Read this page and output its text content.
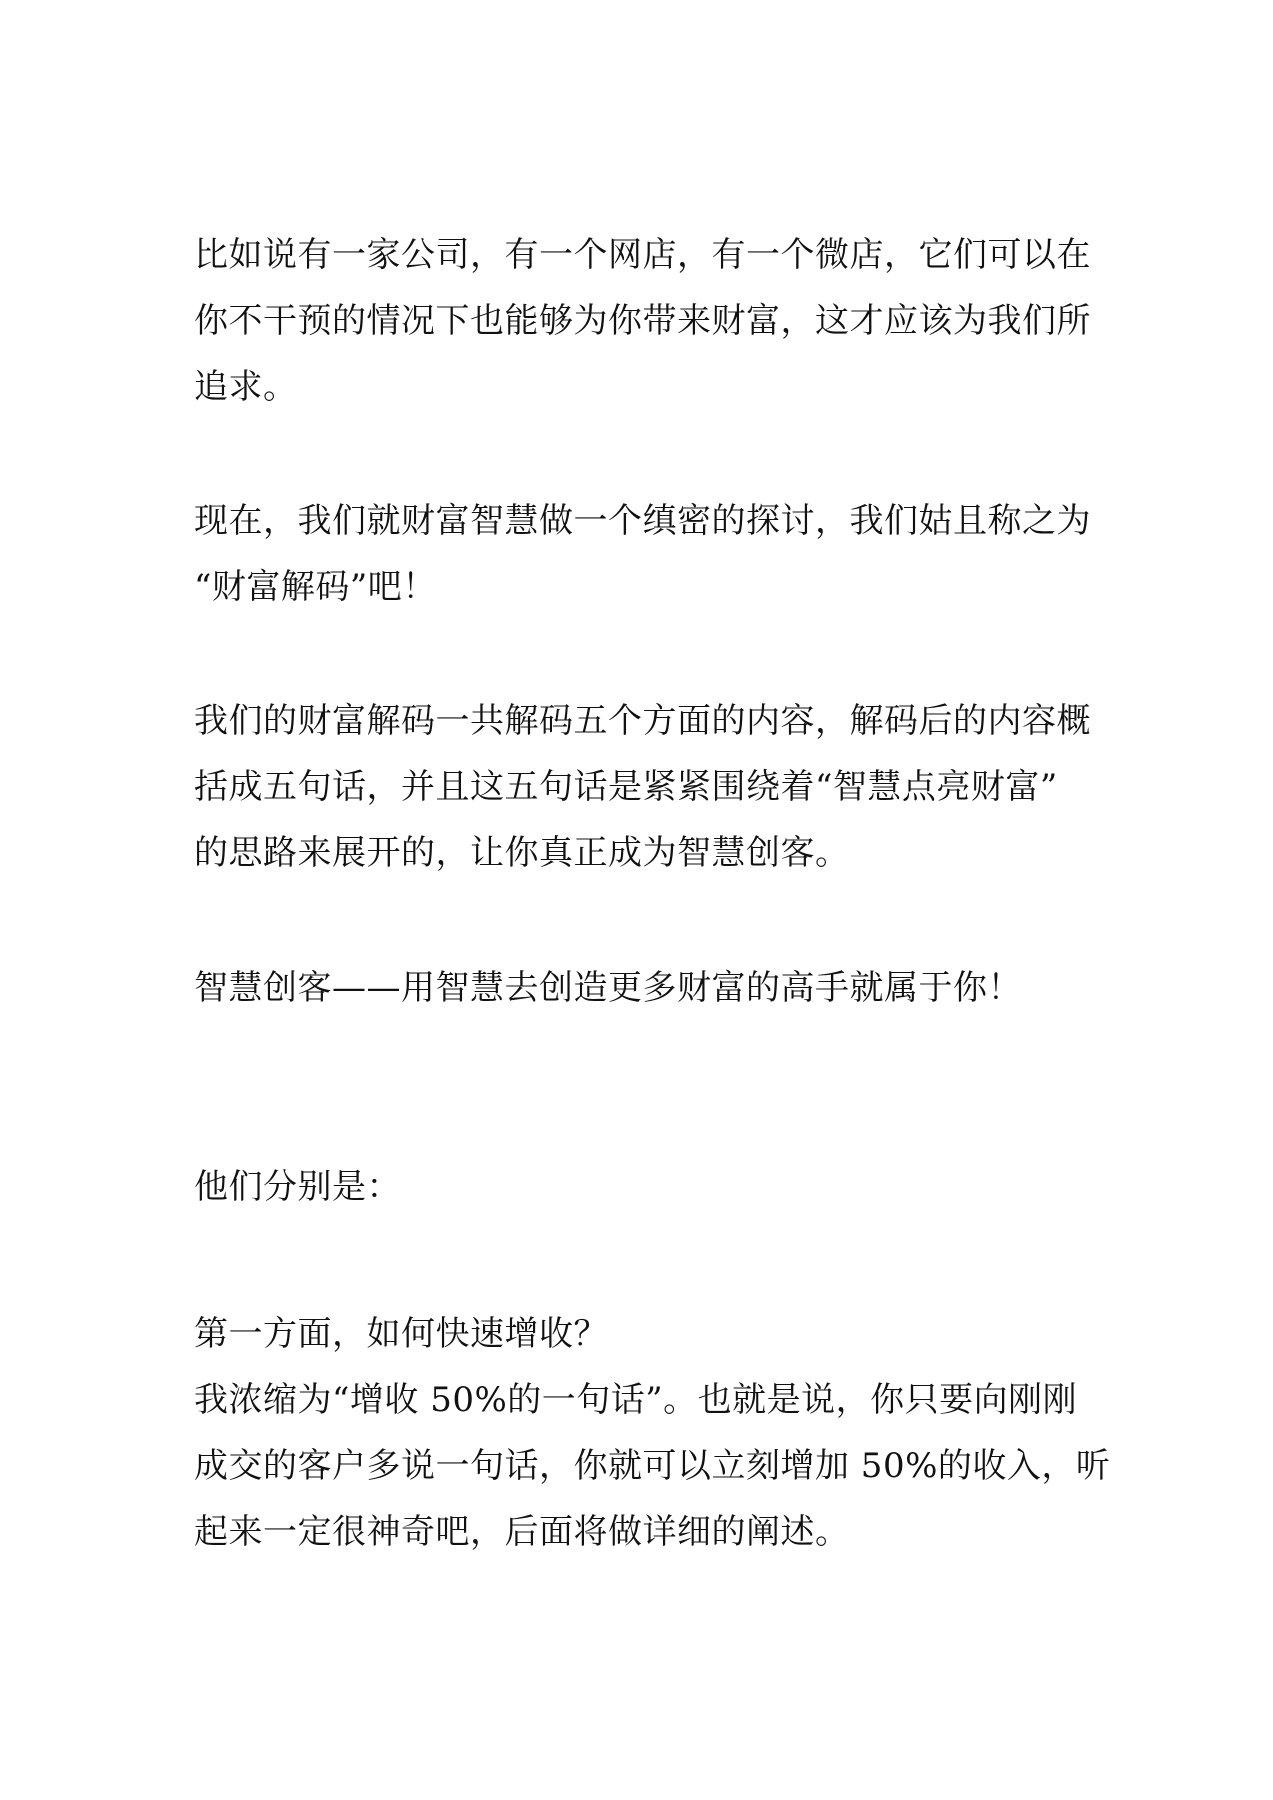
比如说有一家公司，有一个网店，有一个微店，它们可以在
你不干预的情况下也能够为你带来财富，这才应该为我们所
追求。

现在，我们就财富智慧做一个缜密的探讨，我们姑且称之为
“财富解码”吧！

我们的财富解码一共解码五个方面的内容，解码后的内容概
括成五句话，并且这五句话是紧紧围绕着“智慧点亮财富”
的思路来展开的，让你真正成为智慧创客。

智慧创客——用智慧去创造更多财富的高手就属于你！

他们分别是：

第一方面，如何快速增收？
我浓缩为“增收 50%的一句话”。也就是说，你只要向刚刚
成交的客户多说一句话，你就可以立刻增加 50%的收入，听
起来一定很神奇吧，后面将做详细的阐述。
